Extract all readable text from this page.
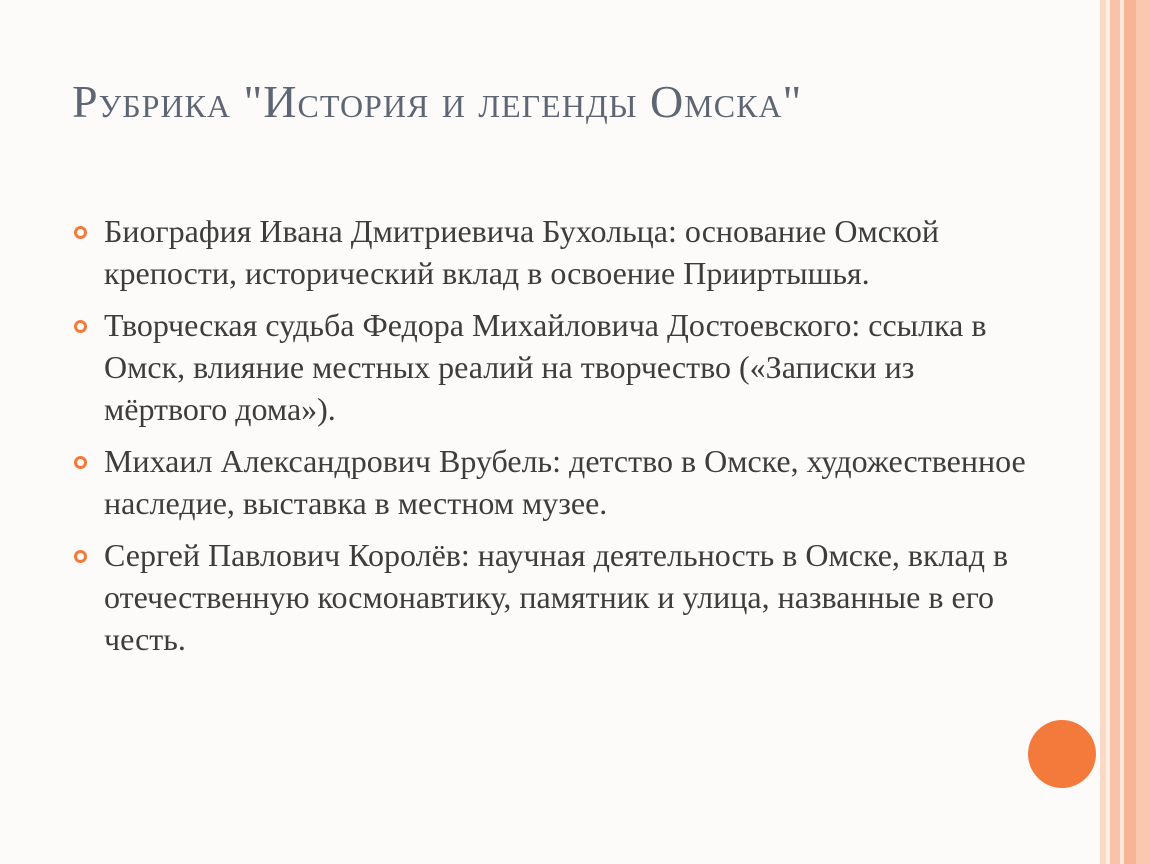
Рубрика "История и легенды Омска"
Биография Ивана Дмитриевича Бухольца: основание Омской крепости, исторический вклад в освоение Прииртышья.
Творческая судьба Федора Михайловича Достоевского: ссылка в Омск, влияние местных реалий на творчество («Записки из мёртвого дома»).
Михаил Александрович Врубель: детство в Омске, художественное наследие, выставка в местном музее.
Сергей Павлович Королёв: научная деятельность в Омске, вклад в отечественную космонавтику, памятник и улица, названные в его честь.
